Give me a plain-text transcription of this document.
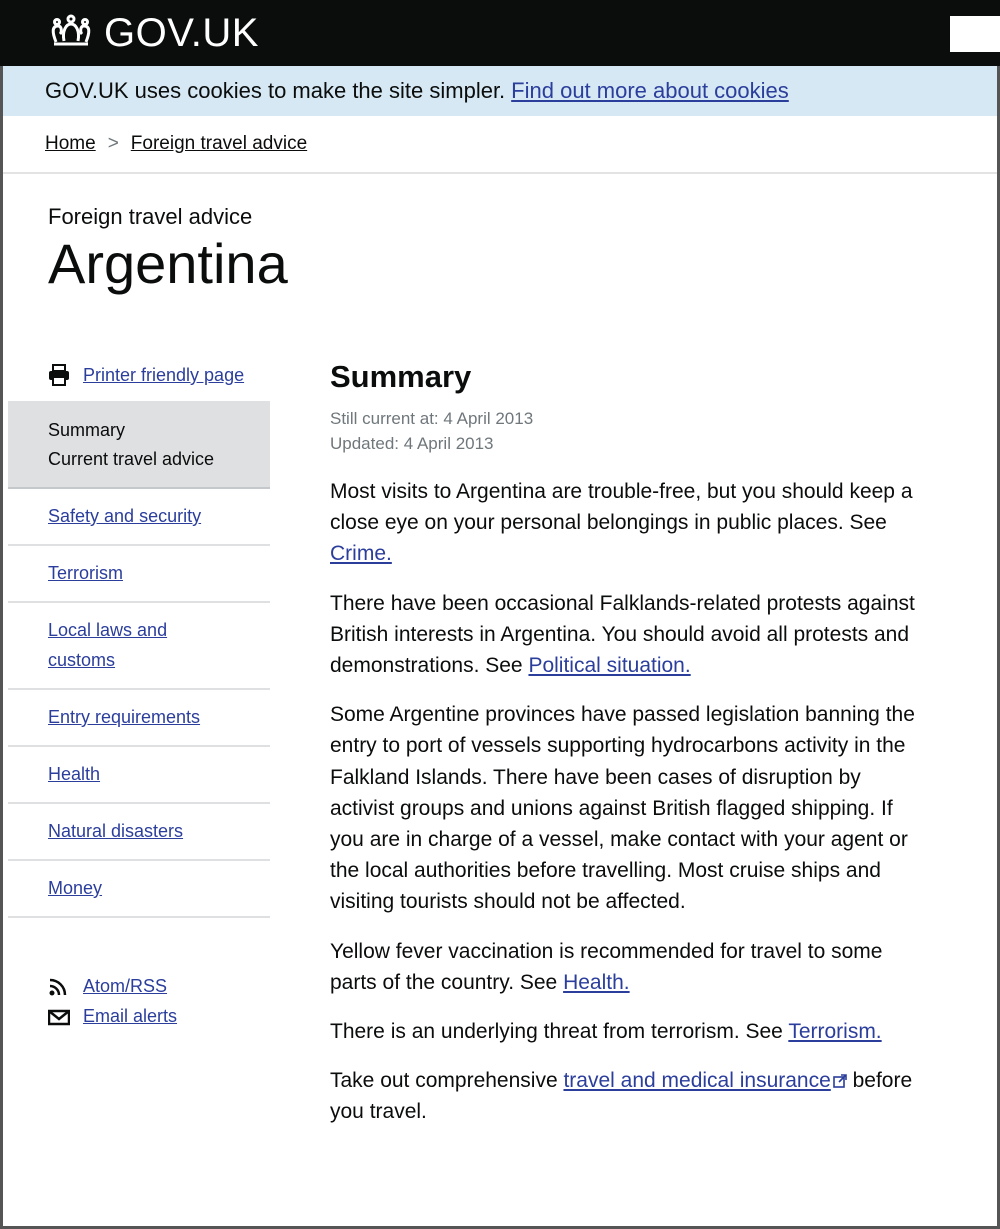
GOV.UK
GOV.UK uses cookies to make the site simpler. Find out more about cookies
Home > Foreign travel advice
Foreign travel advice
Argentina
Printer friendly page
Summary
Current travel advice
Safety and security
Terrorism
Local laws and customs
Entry requirements
Health
Natural disasters
Money
Atom/RSS
Email alerts
Summary
Still current at: 4 April 2013
Updated: 4 April 2013

Most visits to Argentina are trouble-free, but you should keep a close eye on your personal belongings in public places. See Crime.

There have been occasional Falklands-related protests against British interests in Argentina. You should avoid all protests and demonstrations. See Political situation.

Some Argentine provinces have passed legislation banning the entry to port of vessels supporting hydrocarbons activity in the Falkland Islands. There have been cases of disruption by activist groups and unions against British flagged shipping. If you are in charge of a vessel, make contact with your agent or the local authorities before travelling. Most cruise ships and visiting tourists should not be affected.

Yellow fever vaccination is recommended for travel to some parts of the country. See Health.

There is an underlying threat from terrorism. See Terrorism.

Take out comprehensive travel and medical insurance before you travel.
